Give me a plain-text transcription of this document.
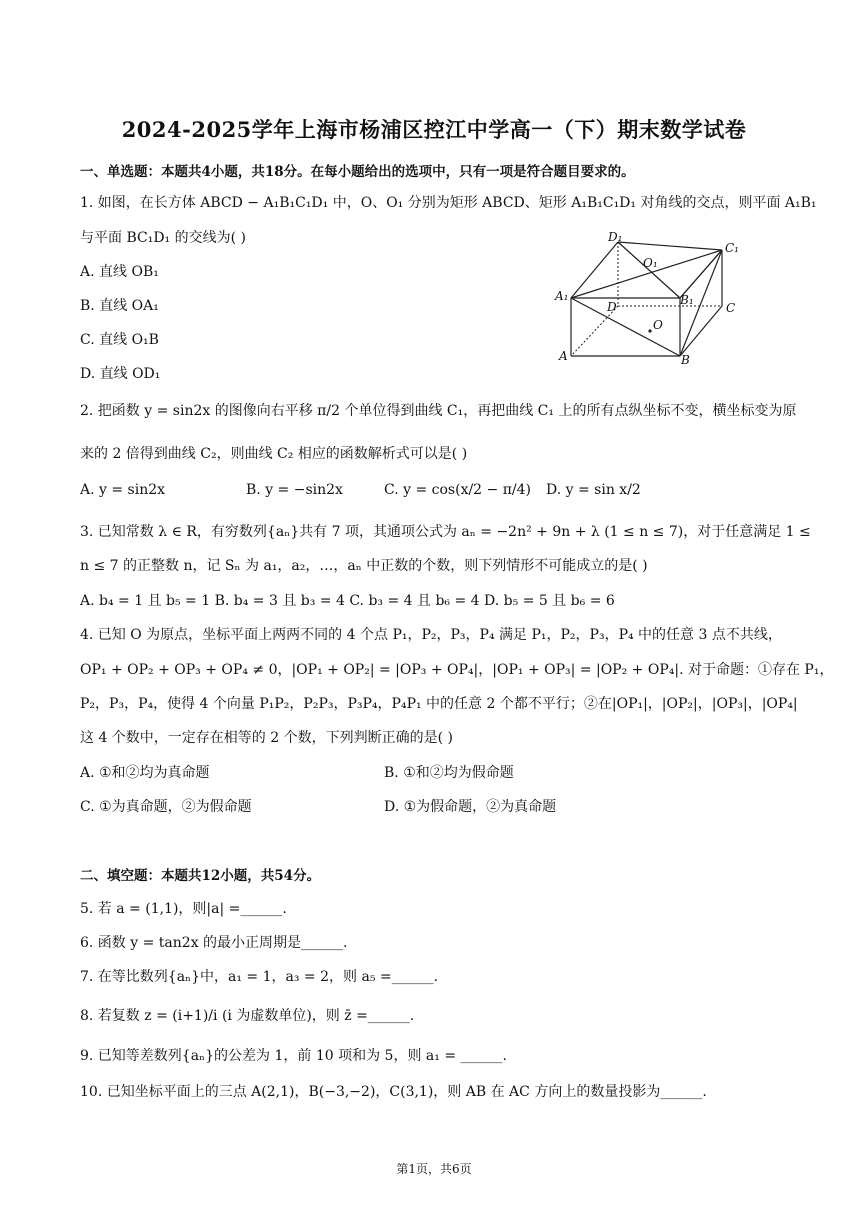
2024-2025学年上海市杨浦区控江中学高一（下）期末数学试卷
一、单选题：本题共4小题，共18分。在每小题给出的选项中，只有一项是符合题目要求的。
1. 如图，在长方体 ABCD − A₁B₁C₁D₁ 中，O、O₁ 分别为矩形 ABCD、矩形 A₁B₁C₁D₁ 对角线的交点，则平面 A₁B₁
与平面 BC₁D₁ 的交线为( )
A. 直线 OB₁
B. 直线 OA₁
C. 直线 O₁B
D. 直线 OD₁
D₁
C₁
O₁
A₁	B₁
D	C
O
A	B
2. 把函数 y = sin2x 的图像向右平移 π/2 个单位得到曲线 C₁，再把曲线 C₁ 上的所有点纵坐标不变，横坐标变为原
来的 2 倍得到曲线 C₂，则曲线 C₂ 相应的函数解析式可以是( )
A. y = sin2x	B. y = −sin2x	C. y = cos(x/2 − π/4) D. y = sin x/2
3. 已知常数 λ ∈ R，有穷数列{aₙ}共有 7 项，其通项公式为 aₙ = −2n² + 9n + λ (1 ≤ n ≤ 7)，对于任意满足 1 ≤
n ≤ 7 的正整数 n，记 Sₙ 为 a₁，a₂，…，aₙ 中正数的个数，则下列情形不可能成立的是( )
A. b₄ = 1 且 b₅ = 1 B. b₄ = 3 且 b₃ = 4 C. b₃ = 4 且 b₆ = 4 D. b₅ = 5 且 b₆ = 6
4. 已知 O 为原点，坐标平面上两两不同的 4 个点 P₁，P₂，P₃，P₄ 满足 P₁，P₂，P₃，P₄ 中的任意 3 点不共线，
OP₁ + OP₂ + OP₃ + OP₄ ≠ 0，|OP₁ + OP₂| = |OP₃ + OP₄|，|OP₁ + OP₃| = |OP₂ + OP₄|. 对于命题：①存在 P₁，
P₂，P₃，P₄，使得 4 个向量 P₁P₂，P₂P₃，P₃P₄，P₄P₁ 中的任意 2 个都不平行；②在|OP₁|，|OP₂|，|OP₃|，|OP₄|
这 4 个数中，一定存在相等的 2 个数，下列判断正确的是( )
A. ①和②均为真命题	B. ①和②均为假命题
C. ①为真命题，②为假命题	D. ①为假命题，②为真命题
二、填空题：本题共12小题，共54分。
5. 若 a = (1,1)，则|a| =______.
6. 函数 y = tan2x 的最小正周期是______.
7. 在等比数列{aₙ}中，a₁ = 1，a₃ = 2，则 a₅ =______.
8. 若复数 z = (i+1)/i (i 为虚数单位)，则 z̄ =______.
9. 已知等差数列{aₙ}的公差为 1，前 10 项和为 5，则 a₁ = ______.
10. 已知坐标平面上的三点 A(2,1)，B(−3,−2)，C(3,1)，则 AB 在 AC 方向上的数量投影为______.
第1页，共6页
